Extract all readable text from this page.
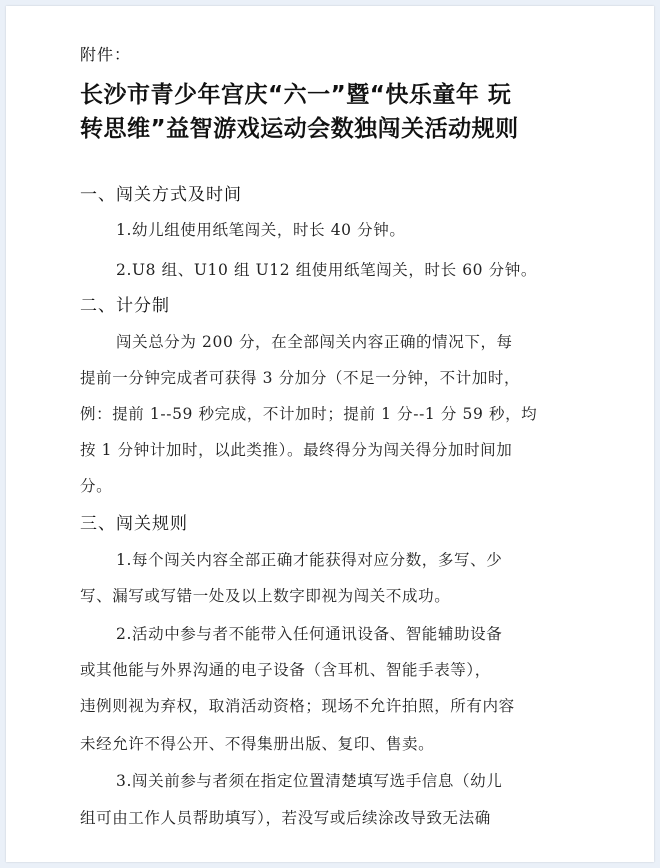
附件：
长沙市青少年宫庆“六一”暨“快乐童年 玩
转思维”益智游戏运动会数独闯关活动规则
一、闯关方式及时间
1.幼儿组使用纸笔闯关，时长 40 分钟。
2.U8 组、U10 组 U12 组使用纸笔闯关，时长 60 分钟。
二、计分制
闯关总分为 200 分，在全部闯关内容正确的情况下，每
提前一分钟完成者可获得 3 分加分（不足一分钟，不计加时，
例：提前 1--59 秒完成，不计加时；提前 1 分--1 分 59 秒，均
按 1 分钟计加时，以此类推）。最终得分为闯关得分加时间加
分。
三、闯关规则
1.每个闯关内容全部正确才能获得对应分数，多写、少
写、漏写或写错一处及以上数字即视为闯关不成功。
2.活动中参与者不能带入任何通讯设备、智能辅助设备
或其他能与外界沟通的电子设备（含耳机、智能手表等），
违例则视为弃权，取消活动资格；现场不允许拍照，所有内容
未经允许不得公开、不得集册出版、复印、售卖。
3.闯关前参与者须在指定位置清楚填写选手信息（幼儿
组可由工作人员帮助填写），若没写或后续涂改导致无法确
